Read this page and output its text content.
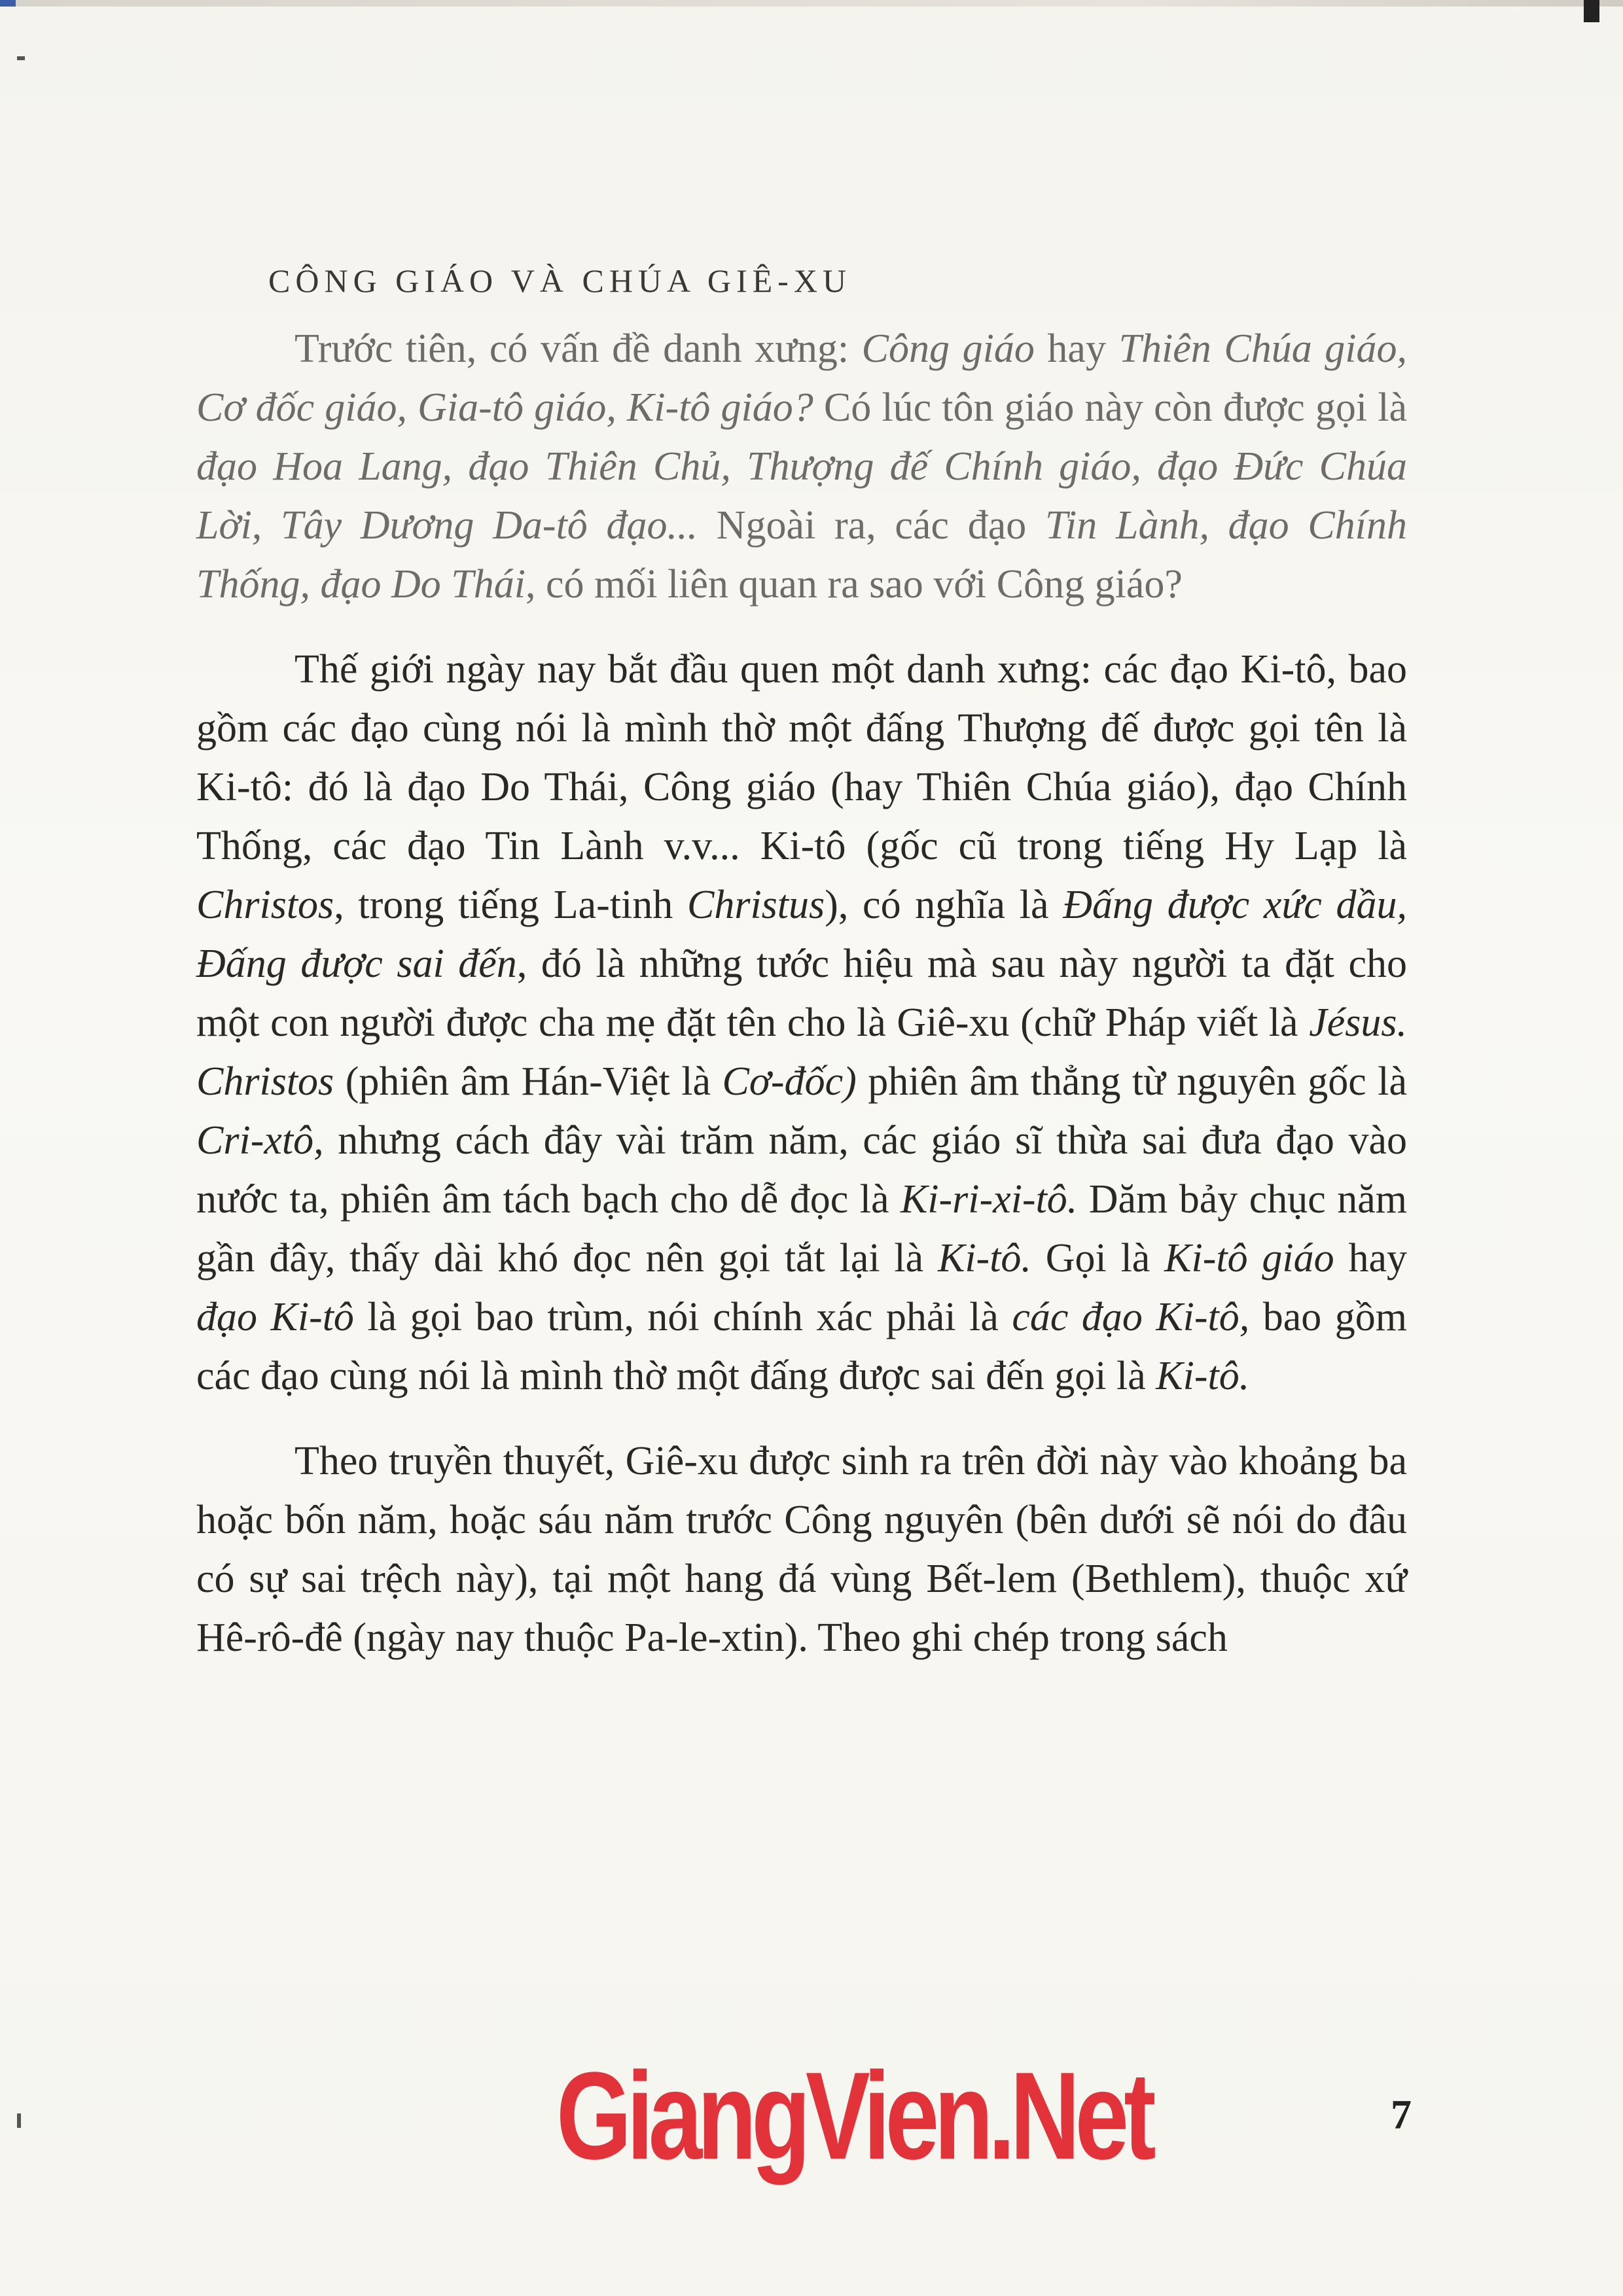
CÔNG GIÁO VÀ CHÚA GIÊ-XU

Trước tiên, có vấn đề danh xưng: Công giáo hay Thiên Chúa giáo, Cơ đốc giáo, Gia-tô giáo, Ki-tô giáo? Có lúc tôn giáo này còn được gọi là đạo Hoa Lang, đạo Thiên Chủ, Thượng đế Chính giáo, đạo Đức Chúa Lời, Tây Dương Da-tô đạo... Ngoài ra, các đạo Tin Lành, đạo Chính Thống, đạo Do Thái, có mối liên quan ra sao với Công giáo?

Thế giới ngày nay bắt đầu quen một danh xưng: các đạo Ki-tô, bao gồm các đạo cùng nói là mình thờ một đấng Thượng đế được gọi tên là Ki-tô: đó là đạo Do Thái, Công giáo (hay Thiên Chúa giáo), đạo Chính Thống, các đạo Tin Lành v.v... Ki-tô (gốc cũ trong tiếng Hy Lạp là Christos, trong tiếng La-tinh Christus), có nghĩa là Đấng được xức dầu, Đấng được sai đến, đó là những tước hiệu mà sau này người ta đặt cho một con người được cha mẹ đặt tên cho là Giê-xu (chữ Pháp viết là Jésus. Christos (phiên âm Hán-Việt là Cơ-đốc) phiên âm thẳng từ nguyên gốc là Cri-xtô, nhưng cách đây vài trăm năm, các giáo sĩ thừa sai đưa đạo vào nước ta, phiên âm tách bạch cho dễ đọc là Ki-ri-xi-tô. Dăm bảy chục năm gần đây, thấy dài khó đọc nên gọi tắt lại là Ki-tô. Gọi là Ki-tô giáo hay đạo Ki-tô là gọi bao trùm, nói chính xác phải là các đạo Ki-tô, bao gồm các đạo cùng nói là mình thờ một đấng được sai đến gọi là Ki-tô.

Theo truyền thuyết, Giê-xu được sinh ra trên đời này vào khoảng ba hoặc bốn năm, hoặc sáu năm trước Công nguyên (bên dưới sẽ nói do đâu có sự sai trệch này), tại một hang đá vùng Bết-lem (Bethlem), thuộc xứ Hê-rô-đê (ngày nay thuộc Pa-le-xtin). Theo ghi chép trong sách

GiangVien.Net	7
